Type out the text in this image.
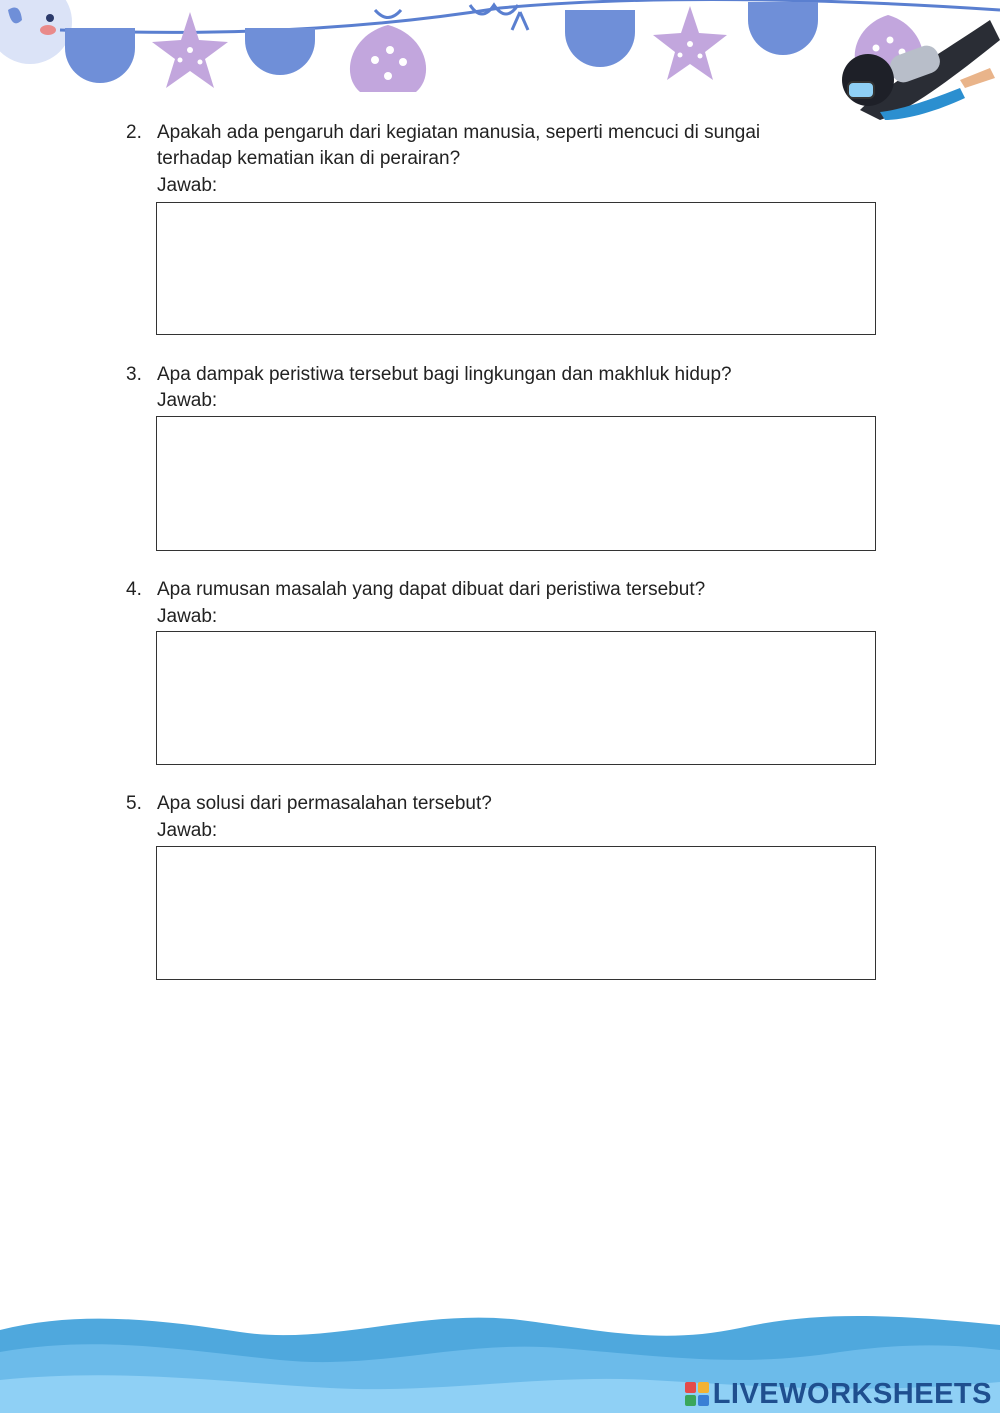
2. Apakah ada pengaruh dari kegiatan manusia, seperti mencuci di sungai terhadap kematian ikan di perairan?
Jawab:
3. Apa dampak peristiwa tersebut bagi lingkungan dan makhluk hidup?
Jawab:
4. Apa rumusan masalah yang dapat dibuat dari peristiwa tersebut?
Jawab:
5. Apa solusi dari permasalahan tersebut?
Jawab:
LIVEWORKSHEETS
